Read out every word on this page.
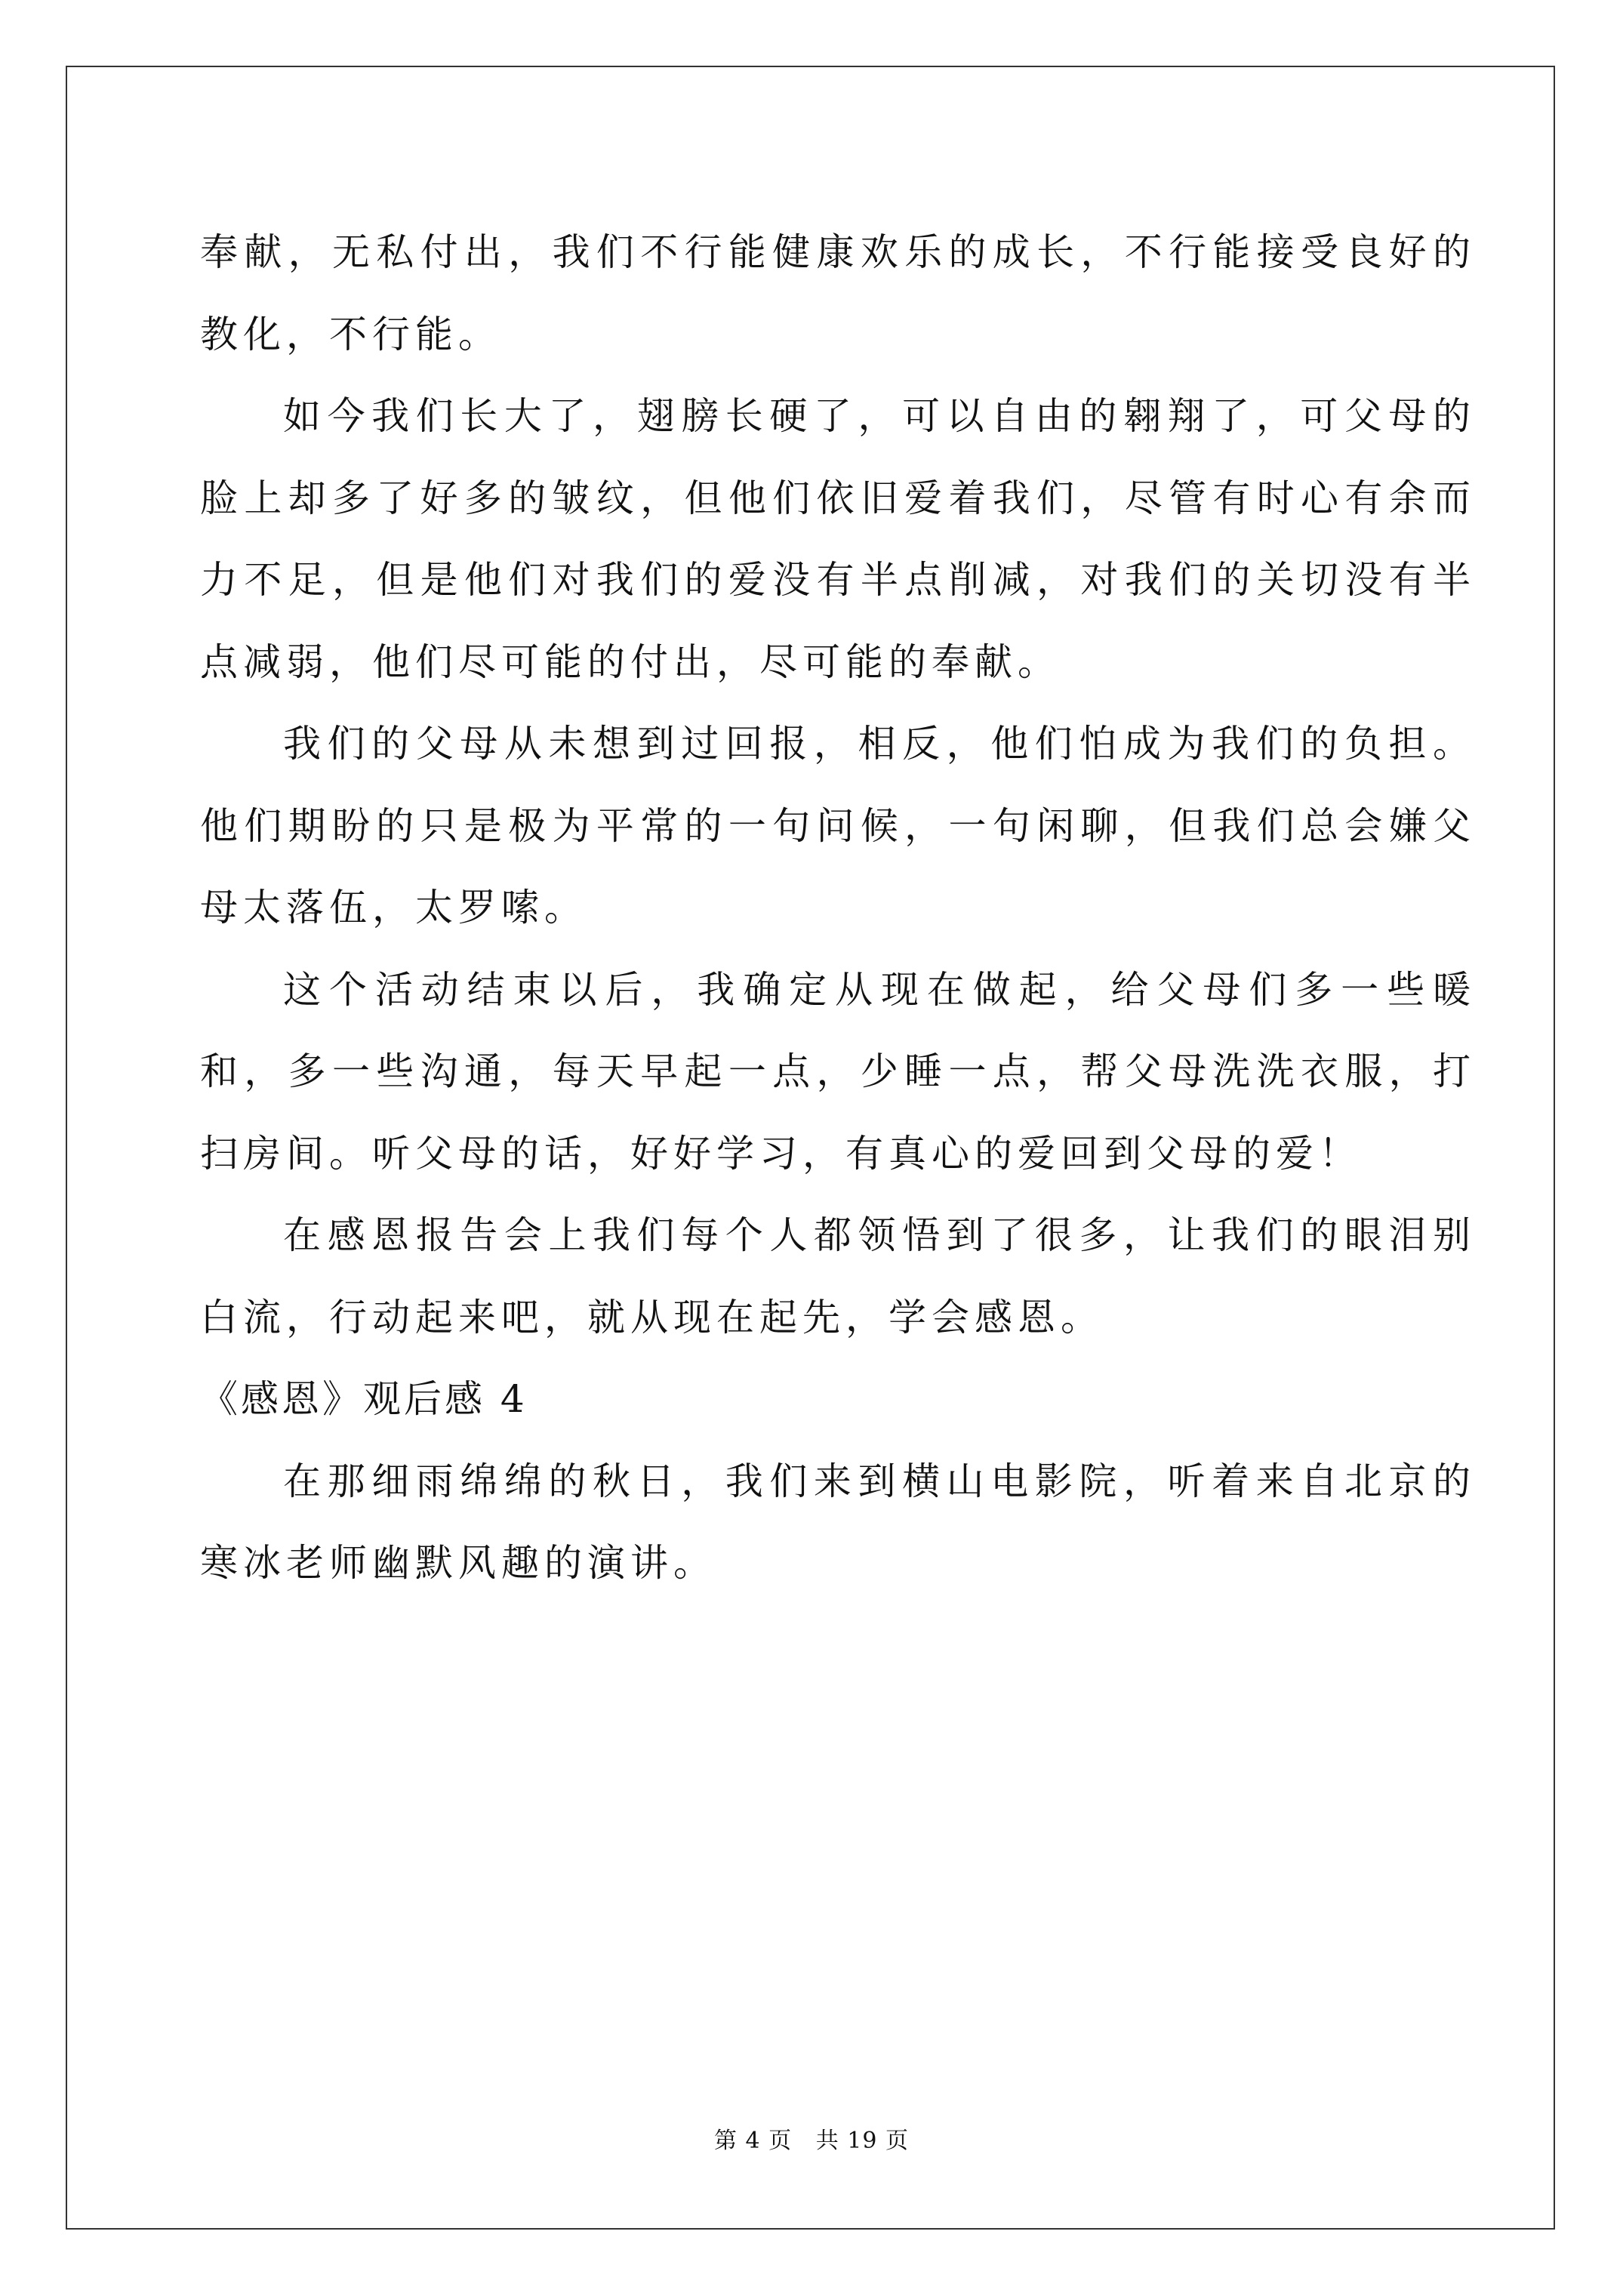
奉献，无私付出，我们不行能健康欢乐的成长，不行能接受良好的教化，不行能。

如今我们长大了，翅膀长硬了，可以自由的翱翔了，可父母的脸上却多了好多的皱纹，但他们依旧爱着我们，尽管有时心有余而力不足，但是他们对我们的爱没有半点削减，对我们的关切没有半点减弱，他们尽可能的付出，尽可能的奉献。

我们的父母从未想到过回报，相反，他们怕成为我们的负担。他们期盼的只是极为平常的一句问候，一句闲聊，但我们总会嫌父母太落伍，太罗嗦。

这个活动结束以后，我确定从现在做起，给父母们多一些暖和，多一些沟通，每天早起一点，少睡一点，帮父母洗洗衣服，打扫房间。听父母的话，好好学习，有真心的爱回到父母的爱！

在感恩报告会上我们每个人都领悟到了很多，让我们的眼泪别白流，行动起来吧，就从现在起先，学会感恩。

《感恩》观后感 4

在那细雨绵绵的秋日，我们来到横山电影院，听着来自北京的寒冰老师幽默风趣的演讲。

第 4 页 共 19 页
